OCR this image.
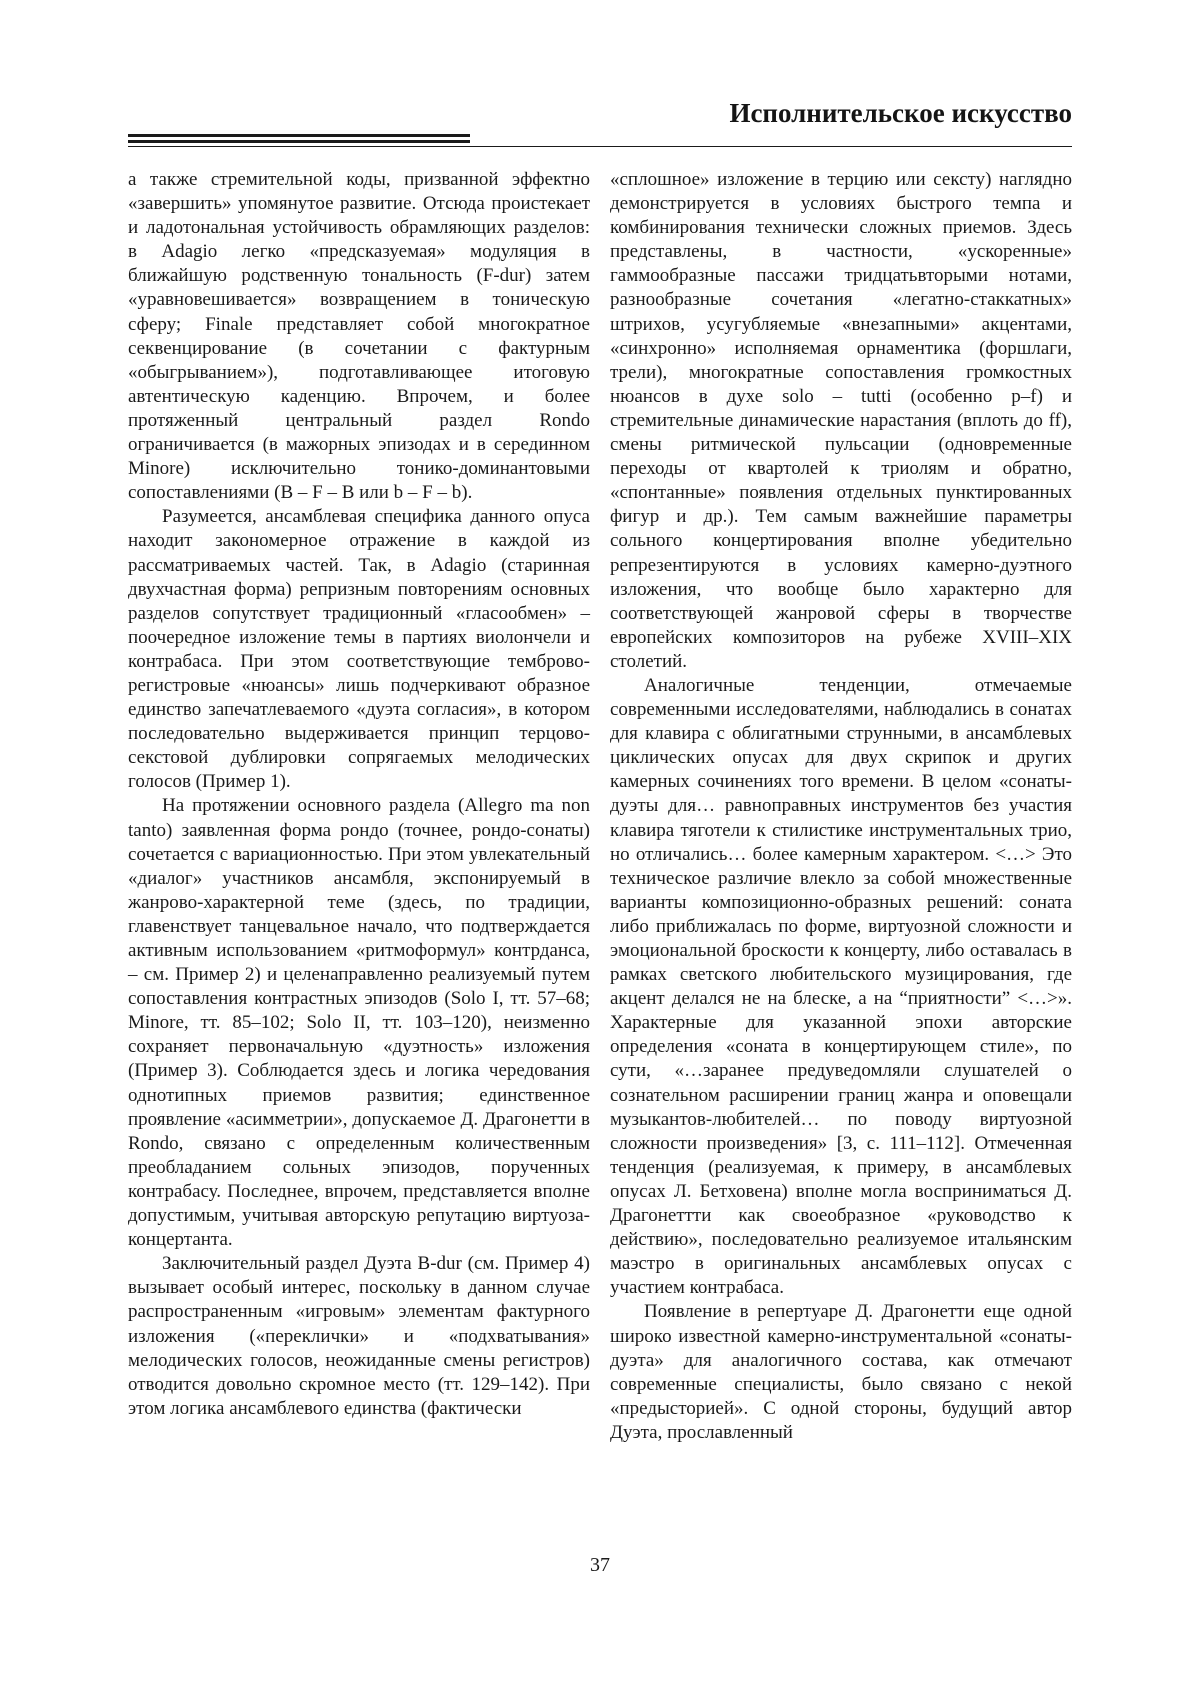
Исполнительское искусство

а также стремительной коды, призванной эффектно «завершить» упомянутое развитие. Отсюда проистекает и ладотональная устойчивость обрамляющих разделов: в Adagio легко «предсказуемая» модуляция в ближайшую родственную тональность (F-dur) затем «уравновешивается» возвращением в тоническую сферу; Finale представляет собой многократное секвенцирование (в сочетании с фактурным «обыгрыванием»), подготавливающее итоговую автентическую каденцию. Впрочем, и более протяженный центральный раздел Rondo ограничивается (в мажорных эпизодах и в серединном Minore) исключительно тонико-доминантовыми сопоставлениями (B – F – B или b – F – b).

Разумеется, ансамблевая специфика данного опуса находит закономерное отражение в каждой из рассматриваемых частей. Так, в Adagio (старинная двухчастная форма) репризным повторениям основных разделов сопутствует традиционный «гласообмен» – поочередное изложение темы в партиях виолончели и контрабаса. При этом соответствующие темброво-регистровые «нюансы» лишь подчеркивают образное единство запечатлеваемого «дуэта согласия», в котором последовательно выдерживается принцип терцово-секстовой дублировки сопрягаемых мелодических голосов (Пример 1).

На протяжении основного раздела (Allegro ma non tanto) заявленная форма рондо (точнее, рондо-сонаты) сочетается с вариационностью. При этом увлекательный «диалог» участников ансамбля, экспонируемый в жанрово-характерной теме (здесь, по традиции, главенствует танцевальное начало, что подтверждается активным использованием «ритмоформул» контрданса, – см. Пример 2) и целенаправленно реализуемый путем сопоставления контрастных эпизодов (Solo I, тт. 57–68; Minore, тт. 85–102; Solo II, тт. 103–120), неизменно сохраняет первоначальную «дуэтность» изложения (Пример 3). Соблюдается здесь и логика чередования однотипных приемов развития; единственное проявление «асимметрии», допускаемое Д. Драгонетти в Rondo, связано с определенным количественным преобладанием сольных эпизодов, порученных контрабасу. Последнее, впрочем, представляется вполне допустимым, учитывая авторскую репутацию виртуоза-концертанта.

Заключительный раздел Дуэта B-dur (см. Пример 4) вызывает особый интерес, поскольку в данном случае распространенным «игровым» элементам фактурного изложения («переклички» и «подхватывания» мелодических голосов, неожиданные смены регистров) отводится довольно скромное место (тт. 129–142). При этом логика ансамблевого единства (фактически

«сплошное» изложение в терцию или сексту) наглядно демонстрируется в условиях быстрого темпа и комбинирования технически сложных приемов. Здесь представлены, в частности, «ускоренные» гаммообразные пассажи тридцатьвторыми нотами, разнообразные сочетания «легатно-стаккатных» штрихов, усугубляемые «внезапными» акцентами, «синхронно» исполняемая орнаментика (форшлаги, трели), многократные сопоставления громкостных нюансов в духе solo – tutti (особенно p–f) и стремительные динамические нарастания (вплоть до ff), смены ритмической пульсации (одновременные переходы от квартолей к триолям и обратно, «спонтанные» появления отдельных пунктированных фигур и др.). Тем самым важнейшие параметры сольного концертирования вполне убедительно репрезентируются в условиях камерно-дуэтного изложения, что вообще было характерно для соответствующей жанровой сферы в творчестве европейских композиторов на рубеже XVIII–XIX столетий.

Аналогичные тенденции, отмечаемые современными исследователями, наблюдались в сонатах для клавира с облигатными струнными, в ансамблевых циклических опусах для двух скрипок и других камерных сочинениях того времени. В целом «сонаты-дуэты для… равноправных инструментов без участия клавира тяготели к стилистике инструментальных трио, но отличались… более камерным характером. <…> Это техническое различие влекло за собой множественные варианты композиционно-образных решений: соната либо приближалась по форме, виртуозной сложности и эмоциональной броскости к концерту, либо оставалась в рамках светского любительского музицирования, где акцент делался не на блеске, а на “приятности” <…>». Характерные для указанной эпохи авторские определения «соната в концертирующем стиле», по сути, «…заранее предуведомляли слушателей о сознательном расширении границ жанра и оповещали музыкантов-любителей… по поводу виртуозной сложности произведения» [3, с. 111–112]. Отмеченная тенденция (реализуемая, к примеру, в ансамблевых опусах Л. Бетховена) вполне могла восприниматься Д. Драгонеттти как своеобразное «руководство к действию», последовательно реализуемое итальянским маэстро в оригинальных ансамблевых опусах с участием контрабаса.

Появление в репертуаре Д. Драгонетти еще одной широко известной камерно-инструментальной «сонаты-дуэта» для аналогичного состава, как отмечают современные специалисты, было связано с некой «предысторией». С одной стороны, будущий автор Дуэта, прославленный

37
